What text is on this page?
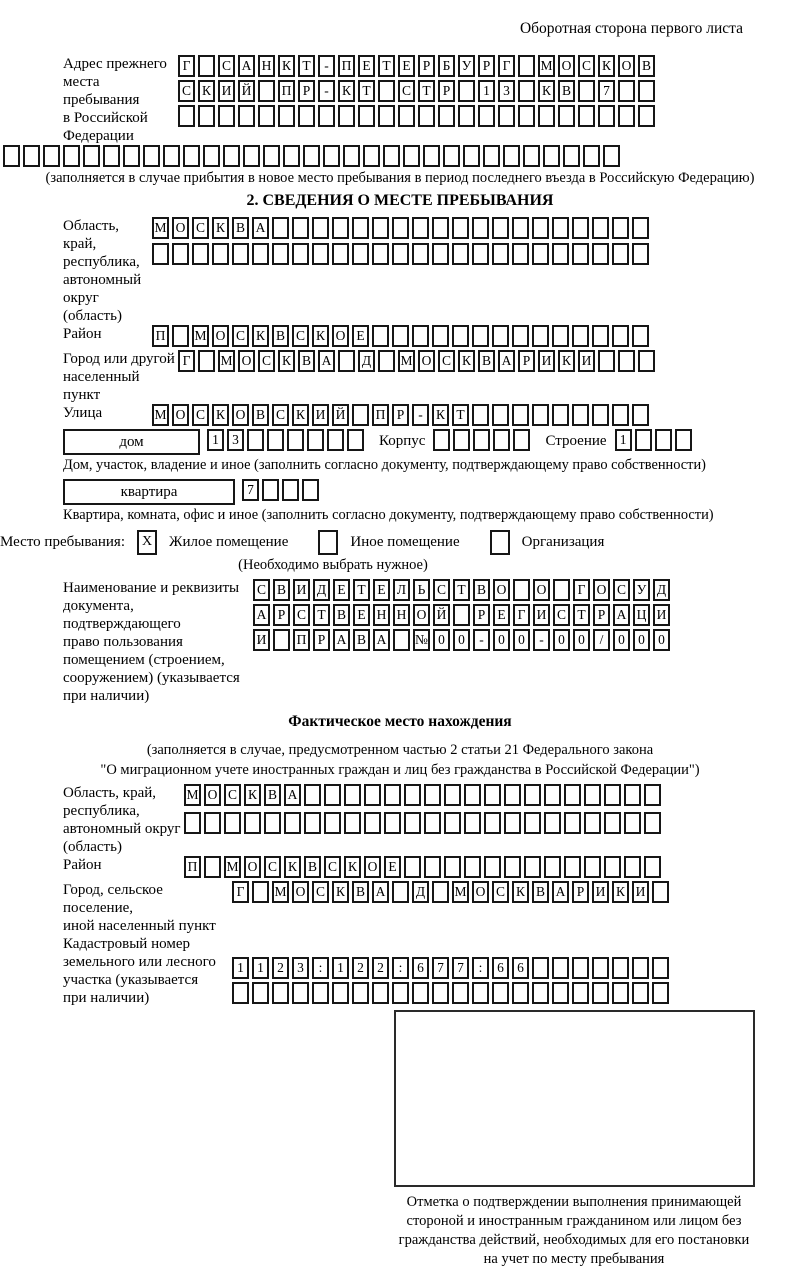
Оборотная сторона первого листа
Адрес прежнего
места пребывания
в Российской
Федерации
Г	С А Н К Т	- П Е Т Е Р Б У Р Г	М О С К О В
С К И Й П Р	- К Т	С Т Р	1 3	К В	7
(заполняется в случае прибытия в новое место пребывания в период последнего въезда в Российскую Федерацию)
2. СВЕДЕНИЯ О МЕСТЕ ПРЕБЫВАНИЯ
Область, край,
республика,
автономный
округ (область)
М О С К В А
Район	П М О С К В С К О Е
Город или другой
населенный пункт
Г	М О С К В А Д М О С К В А Р И К И
Улица	М О С К О В С К И Й П Р	- К Т
дом	1 3	Корпус	Строение 1
Дом, участок, владение и иное (заполнить согласно документу, подтверждающему право собственности)
квартира	7
Квартира, комната, офис и иное (заполнить согласно документу, подтверждающему право собственности)
Место пребывания:	X	Жилое помещение	Иное помещение	Организация
(Необходимо выбрать нужное)
Наименование и реквизиты
документа, подтверждающего
право пользования
помещением (строением,
сооружением) (указывается
при наличии)
С В И Д Е Т Е Л Ь С Т В О О	Г О С У Д
А Р С Т В Е Н Н О Й	Р Е Г И С Т Р А Ц И
И П Р А В А № 0 0	-	0 0	-	0 0	/	0 0 0
Фактическое место нахождения
(заполняется в случае, предусмотренном частью 2 статьи 21 Федерального закона
"О миграционном учете иностранных граждан и лиц без гражданства в Российской Федерации")
Область, край,
республика,
автономный округ
(область)
М О С К В А
Район	П М О С К В С К О Е
Город, сельское поселение,
иной населенный пункт
Г	М О С К В А Д М О С К В А Р И К И
Кадастровый номер
земельного или лесного
участка (указывается
при наличии)
1 1 2 3	:	1 2 2	:	6 7 7	:	6 6
Отметка о подтверждении выполнения принимающей
стороной и иностранным гражданином или лицом без
гражданства действий, необходимых для его постановки
на учет по месту пребывания
